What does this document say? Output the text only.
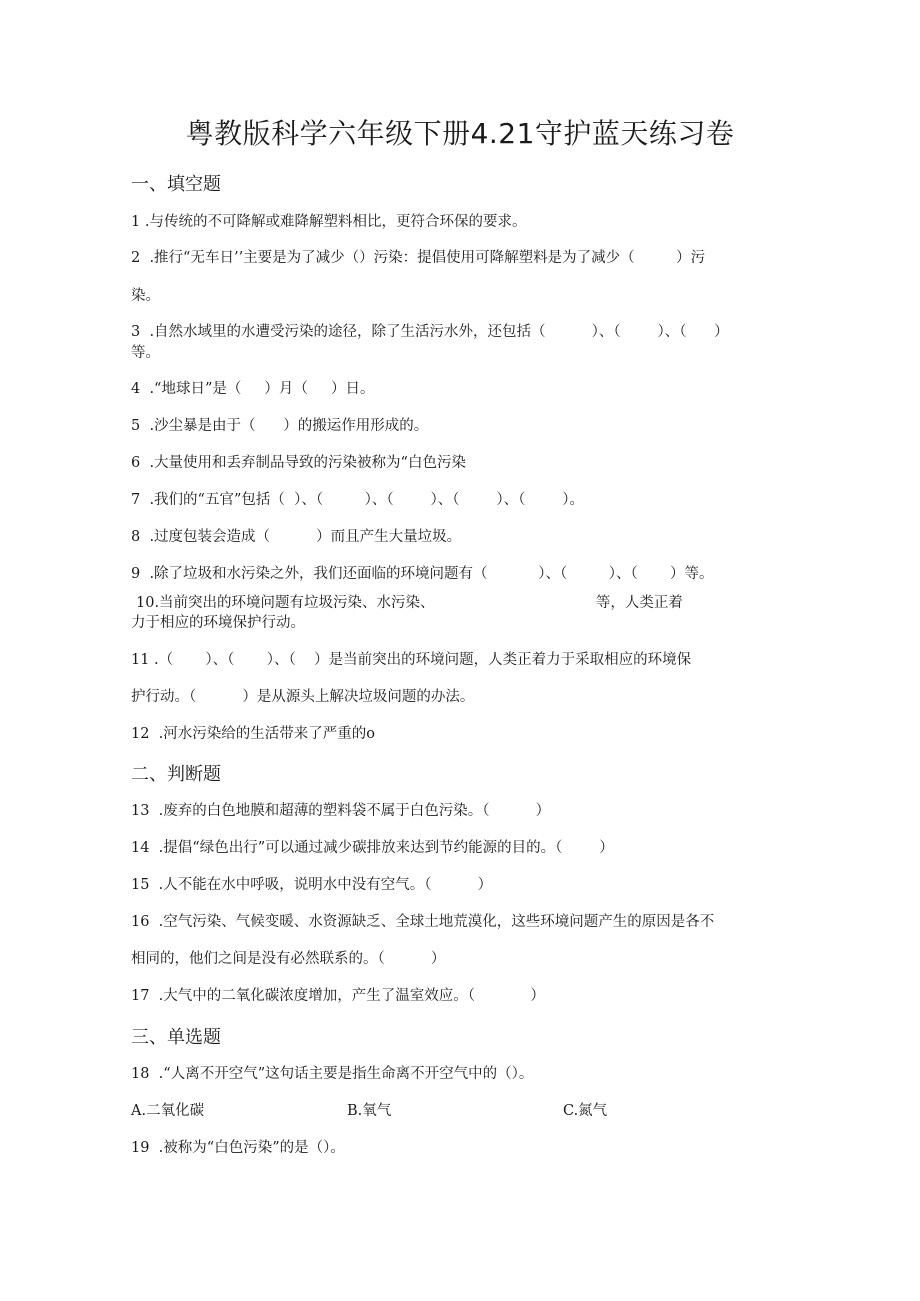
粤教版科学六年级下册4.21守护蓝天练习卷
一、填空题
1 .与传统的不可降解或难降解塑料相比，更符合环保的要求。
2  .推行“无车日’’主要是为了减少（）污染：提倡使用可降解塑料是为了减少（         ）污
染。
3  .自然水域里的水遭受污染的途径，除了生活污水外，还包括（          ）、（        ）、（      ）
等。
4  .“地球日”是（     ）月（     ）日。
5  .沙尘暴是由于（      ）的搬运作用形成的。
6  .大量使用和丢弃制品导致的污染被称为“白色污染
7  .我们的“五官”包括（  ）、（         ）、（        ）、（        ）、（        ）。
8  .过度包装会造成（          ）而且产生大量垃圾。
9  .除了垃圾和水污染之外，我们还面临的环境问题有（           ）、（         ）、（       ）等。
10.当前突出的环境问题有垃圾污染、水污染、                                   等，人类正着
力于相应的环境保护行动。
11 .（       ）、（       ）、（    ）是当前突出的环境问题，人类正着力于采取相应的环境保
护行动。（          ）是从源头上解决垃圾问题的办法。
12  .河水污染给的生活带来了严重的o
二、判断题
13  .废弃的白色地膜和超薄的塑料袋不属于白色污染。（          ）
14  .提倡“绿色出行”可以通过减少碳排放来达到节约能源的目的。（        ）
15  .人不能在水中呼吸，说明水中没有空气。（          ）
16  .空气污染、气候变暖、水资源缺乏、全球土地荒漠化，这些环境问题产生的原因是各不
相同的，他们之间是没有必然联系的。（          ）
17  .大气中的二氧化碳浓度增加，产生了温室效应。（            ）
三、单选题
18  .“人离不开空气”这句话主要是指生命离不开空气中的（）。
A.二氧化碳	B.氧气	C.氮气
19  .被称为“白色污染”的是（）。
